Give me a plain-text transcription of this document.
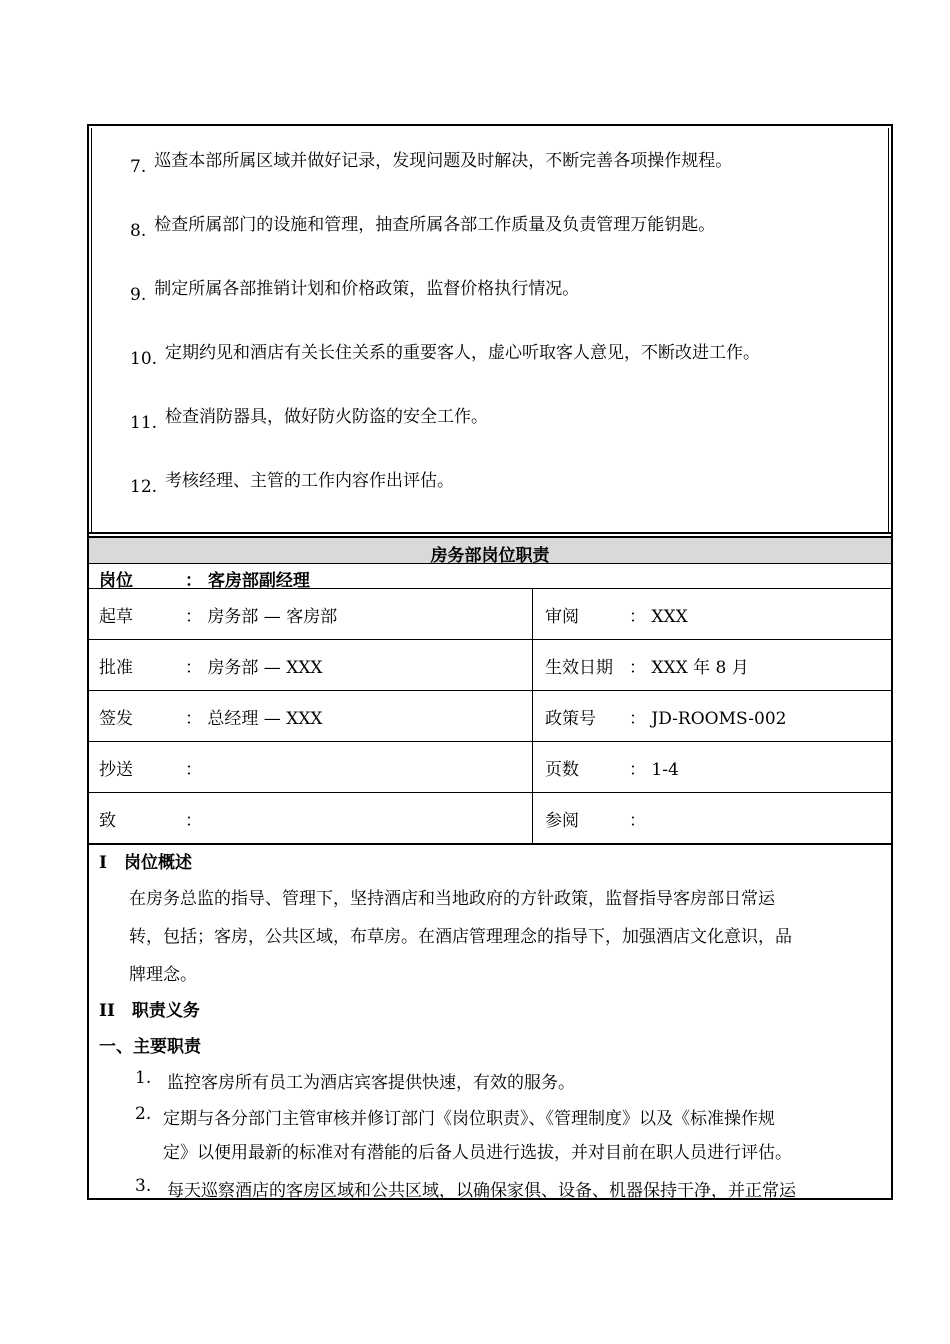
7. 巡查本部所属区域并做好记录，发现问题及时解决，不断完善各项操作规程。
8. 检查所属部门的设施和管理，抽查所属各部工作质量及负责管理万能钥匙。
9. 制定所属各部推销计划和价格政策，监督价格执行情况。
10. 定期约见和酒店有关长住关系的重要客人，虚心听取客人意见，不断改进工作。
11. 检查消防器具，做好防火防盗的安全工作。
12. 考核经理、主管的工作内容作出评估。
房务部岗位职责
岗位	： 客房部副经理
起草	： 房务部 — 客房部	审阅	： XXX
批准	： 房务部 — XXX	生效日期 ： XXX 年 8 月
签发	： 总经理 — XXX	政策号 ： JD-ROOMS-002
抄送	：	页数	： 1-4
致	：	参阅	：
I　岗位概述
在房务总监的指导、管理下，坚持酒店和当地政府的方针政策，监督指导客房部日常运
转，包括；客房，公共区域，布草房。在酒店管理理念的指导下，加强酒店文化意识，品
牌理念。
II　职责义务
一、主要职责
1. 监控客房所有员工为酒店宾客提供快速，有效的服务。
2. 定期与各分部门主管审核并修订部门《岗位职责》、《管理制度》以及《标准操作规
定》以便用最新的标准对有潜能的后备人员进行选拔，并对目前在职人员进行评估。
3. 每天巡察酒店的客房区域和公共区域，以确保家俱、设备、机器保持干净，并正常运
